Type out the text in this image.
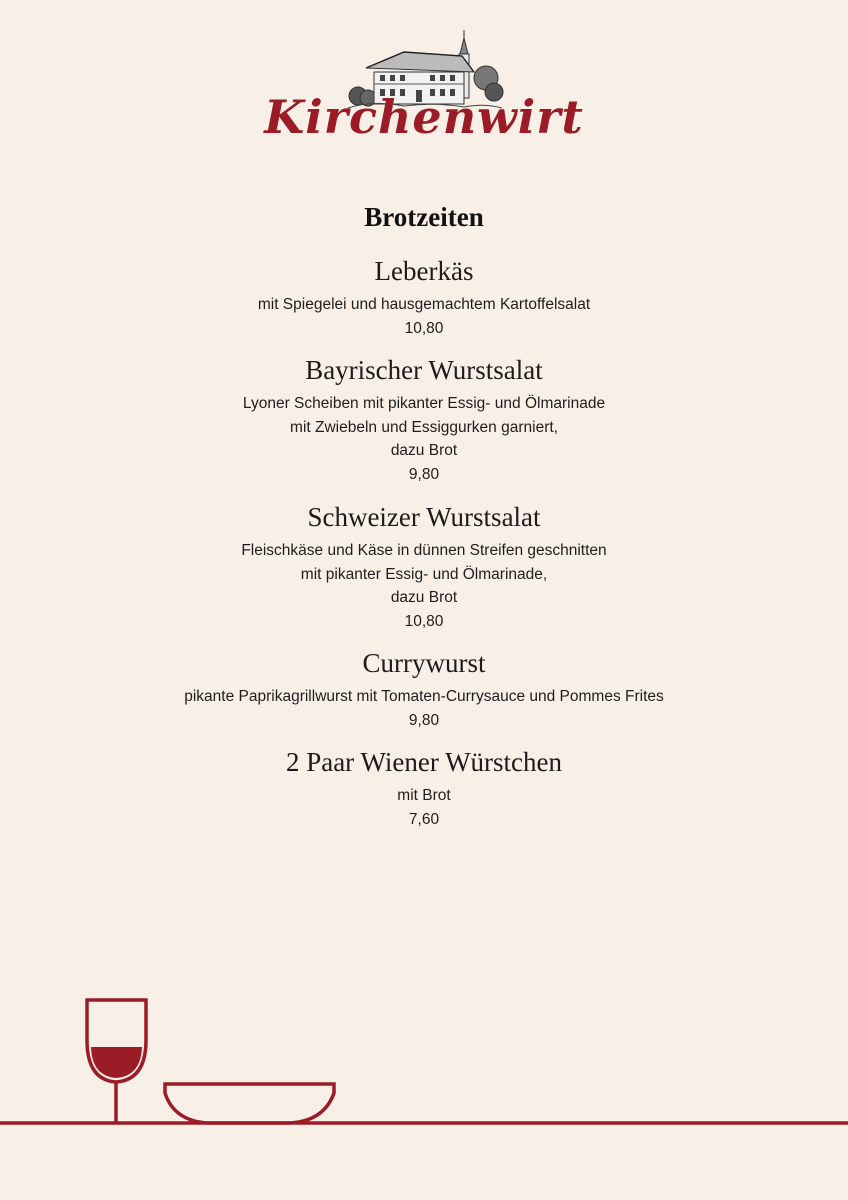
Kirchenwirt
Brotzeiten

Leberkäs

mit Spiegelei und hausgemachtem Kartoffelsalat

10,80

Bayrischer Wurstsalat

Lyoner Scheiben mit pikanter Essig- und Ölmarinade

mit Zwiebeln und Essiggurken garniert,

dazu Brot

9,80

Schweizer Wurstsalat

Fleischkäse und Käse in dünnen Streifen geschnitten

mit pikanter Essig- und Ölmarinade,

dazu Brot

10,80

Currywurst

pikante Paprikagrillwurst mit Tomaten-Currysauce und Pommes Frites

9,80

2 Paar Wiener Würstchen

mit Brot

7,60
